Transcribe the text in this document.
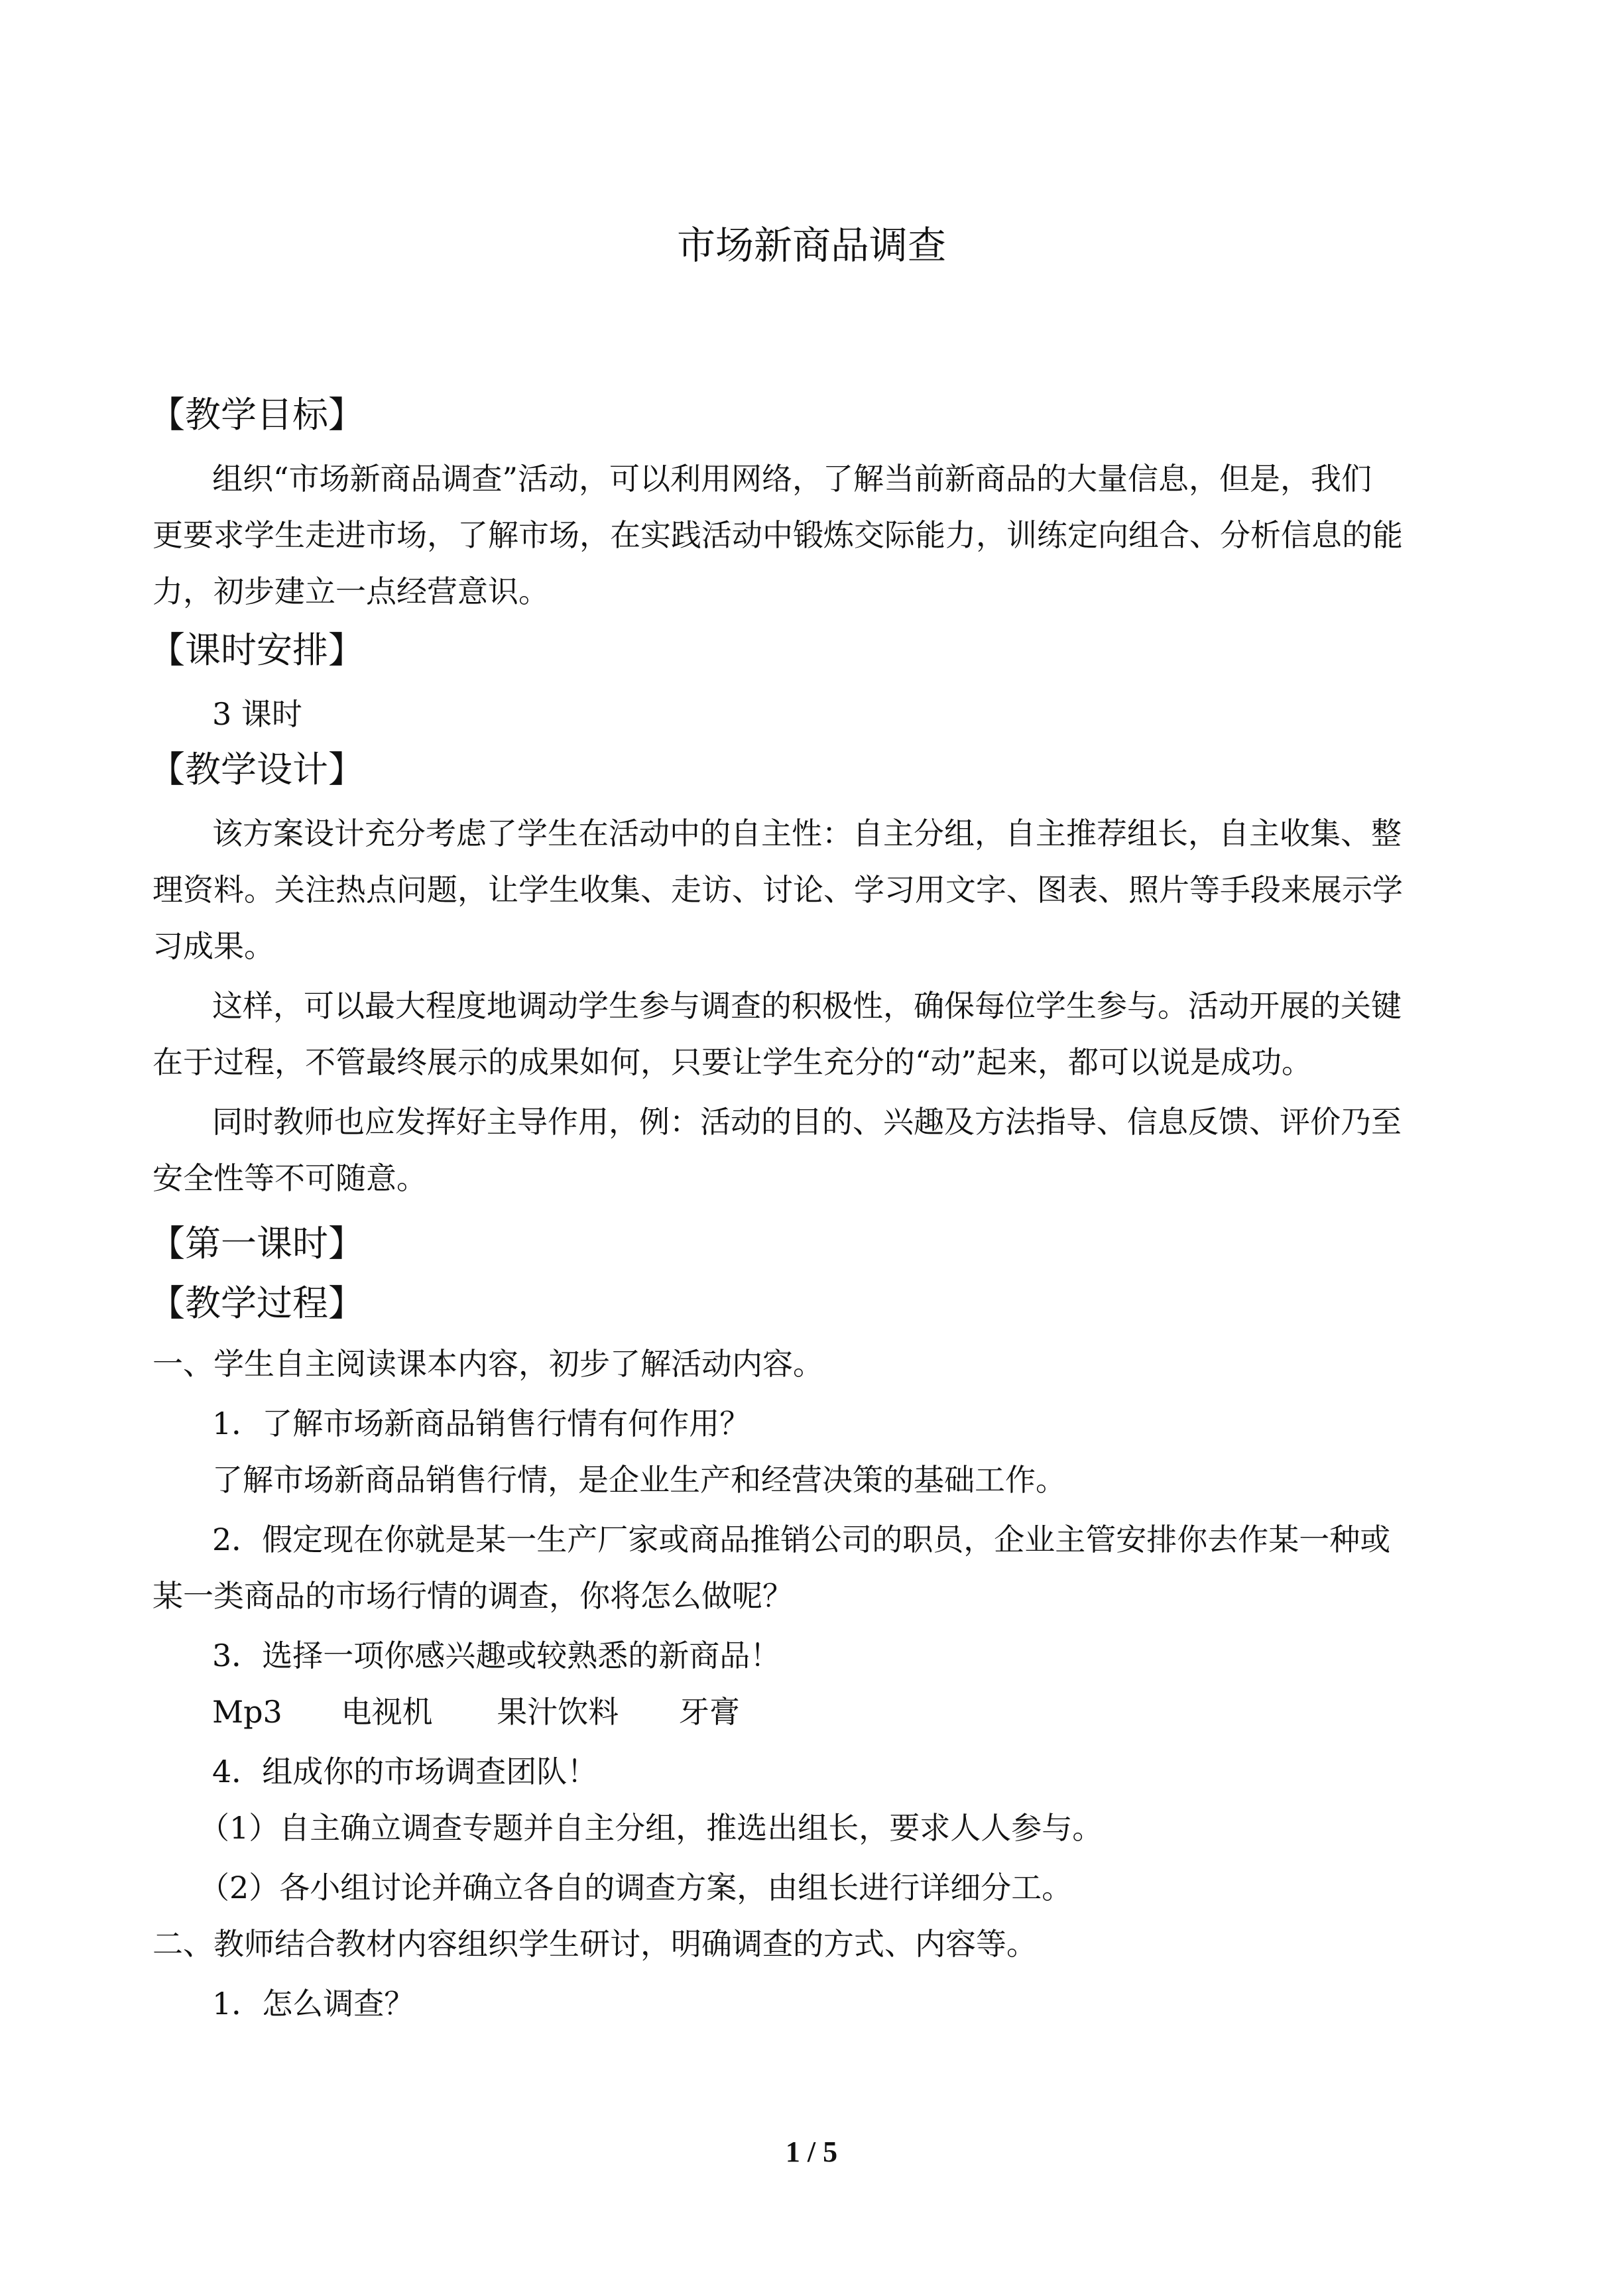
市场新商品调查
【教学目标】
组织“市场新商品调查”活动，可以利用网络，了解当前新商品的大量信息，但是，我们
更要求学生走进市场，了解市场，在实践活动中锻炼交际能力，训练定向组合、分析信息的能
力，初步建立一点经营意识。
【课时安排】
3 课时
【教学设计】
该方案设计充分考虑了学生在活动中的自主性：自主分组，自主推荐组长，自主收集、整
理资料。关注热点问题，让学生收集、走访、讨论、学习用文字、图表、照片等手段来展示学
习成果。
这样，可以最大程度地调动学生参与调查的积极性，确保每位学生参与。活动开展的关键
在于过程，不管最终展示的成果如何，只要让学生充分的“动”起来，都可以说是成功。
同时教师也应发挥好主导作用，例：活动的目的、兴趣及方法指导、信息反馈、评价乃至
安全性等不可随意。
【第一课时】
【教学过程】
一、学生自主阅读课本内容，初步了解活动内容。
1．了解市场新商品销售行情有何作用？
了解市场新商品销售行情，是企业生产和经营决策的基础工作。
2．假定现在你就是某一生产厂家或商品推销公司的职员，企业主管安排你去作某一种或
某一类商品的市场行情的调查，你将怎么做呢？
3．选择一项你感兴趣或较熟悉的新商品！
Mp3 电视机 果汁饮料 牙膏
4．组成你的市场调查团队！
（1）自主确立调查专题并自主分组，推选出组长，要求人人参与。
（2）各小组讨论并确立各自的调查方案，由组长进行详细分工。
二、教师结合教材内容组织学生研讨，明确调查的方式、内容等。
1．怎么调查？
1 / 5
